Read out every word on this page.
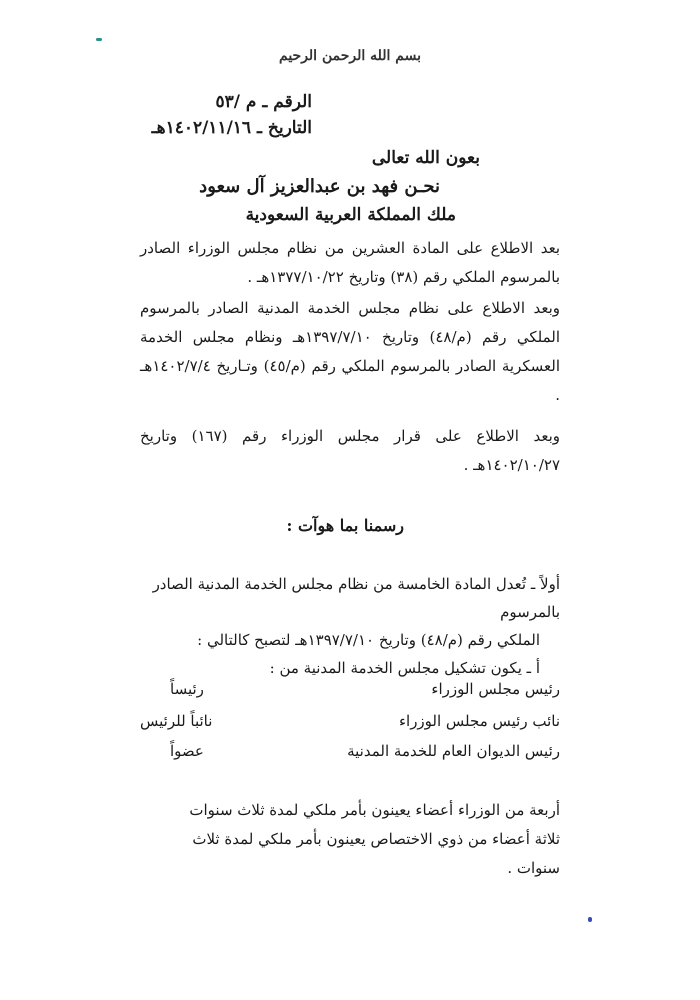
بسم الله الرحمن الرحيم
الرقم ـ م /٥٣
التاريخ ـ ١٤٠٢/١١/١٦هـ
بعون الله تعالى
نحـن فهد بن عبدالعزيز آل سعود
ملك المملكة العربية السعودية
بعد الاطلاع على المادة العشرين من نظام مجلس الوزراء الصادر بالمرسوم الملكي رقم (٣٨) وتاريخ ١٣٧٧/١٠/٢٢هـ .
وبعد الاطلاع على نظام مجلس الخدمة المدنية الصادر بالمرسوم الملكي رقم (م/٤٨) وتاريخ ١٣٩٧/٧/١٠هـ ونظام مجلس الخدمة العسكرية الصادر بالمرسوم الملكي رقم (م/٤٥) وتـاريخ ١٤٠٢/٧/٤هـ .
وبعد الاطلاع على قرار مجلس الوزراء رقم (١٦٧) وتاريخ ١٤٠٢/١٠/٢٧هـ .
رسمنا بما هوآت :
أولاً ـ تُعدل المادة الخامسة من نظام مجلس الخدمة المدنية الصادر بالمرسوم
الملكي رقم (م/٤٨) وتاريخ ١٣٩٧/٧/١٠هـ لتصبح كالتالي :
أ ـ يكون تشكيل مجلس الخدمة المدنية من :
رئيس مجلس الوزراء
رئيساً
نائب رئيس مجلس الوزراء
نائباً للرئيس
رئيس الديوان العام للخدمة المدنية
عضواً
أربعة من الوزراء أعضاء يعينون بأمر ملكي لمدة ثلاث سنوات
ثلاثة أعضاء من ذوي الاختصاص يعينون بأمر ملكي لمدة ثلاث
سنوات .
